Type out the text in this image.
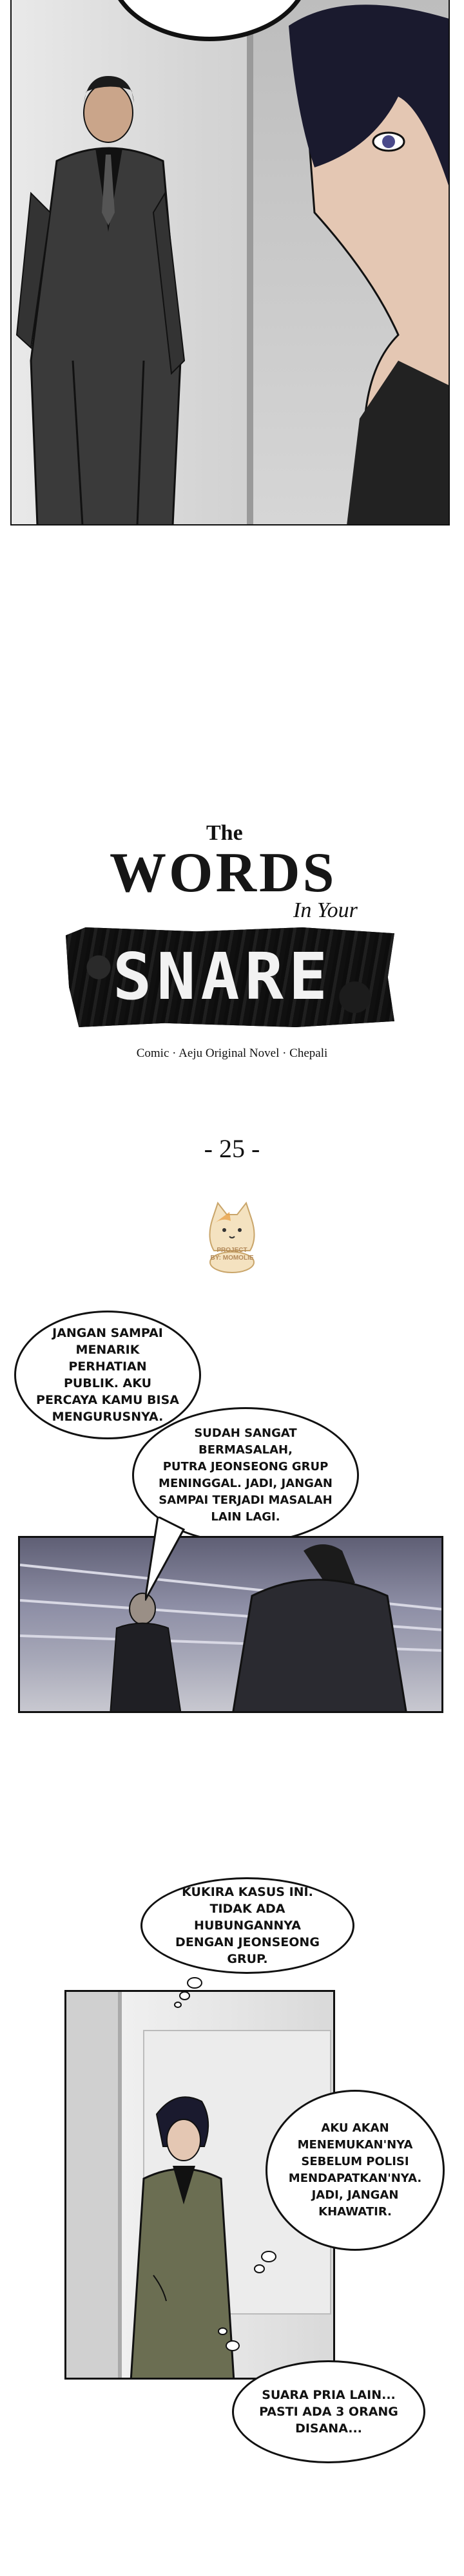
The
WORDS
In Your
SNARE
Comic · Aeju Original Novel · Chepali
- 25 -
PROJECT
BY: MOMOLIE
JANGAN SAMPAI
MENARIK PERHATIAN
PUBLIK. AKU
PERCAYA KAMU BISA
MENGURUSNYA.
SUDAH SANGAT BERMASALAH,
PUTRA JEONSEONG GRUP
MENINGGAL. JADI, JANGAN
SAMPAI TERJADI MASALAH
LAIN LAGI.
KUKIRA KASUS INI.
TIDAK ADA HUBUNGANNYA
DENGAN JEONSEONG GRUP.
AKU AKAN
MENEMUKAN'NYA
SEBELUM POLISI
MENDAPATKAN'NYA.
JADI, JANGAN
KHAWATIR.
SUARA PRIA LAIN...
PASTI ADA 3 ORANG
DISANA...
